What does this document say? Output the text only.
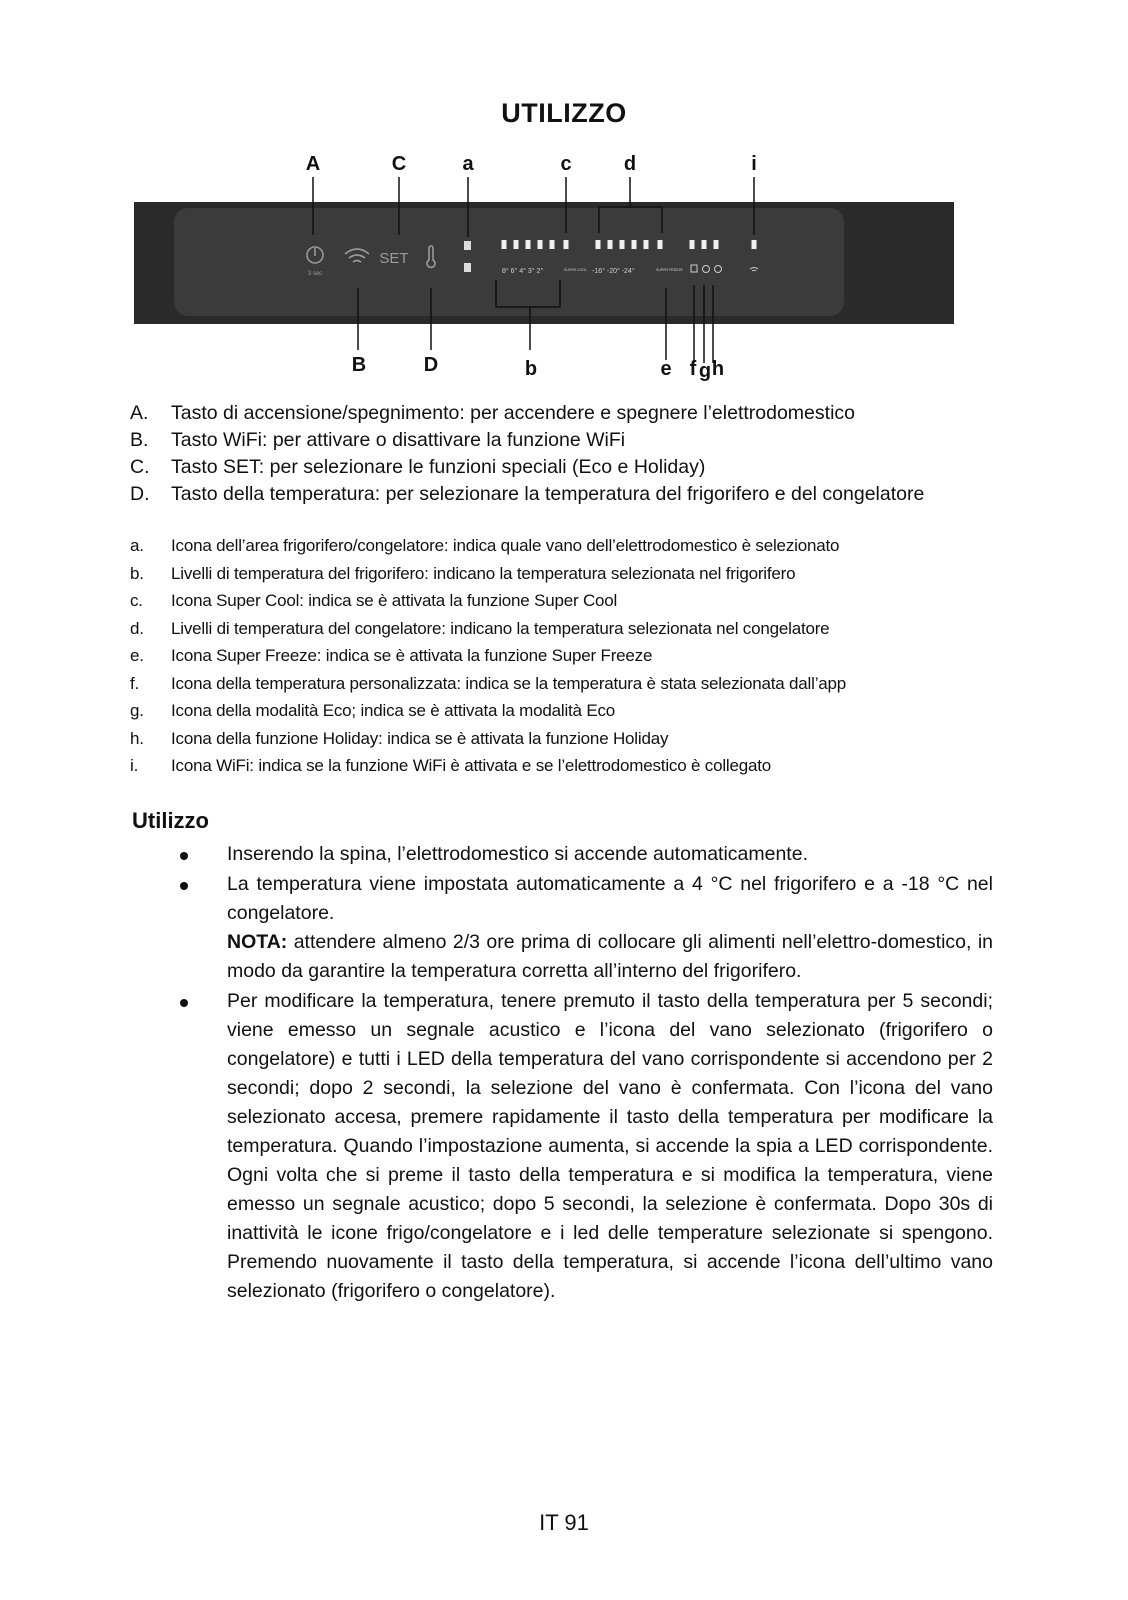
UTILIZZO
A	C	a	c	d	i
3 sec
SET
8° 6° 4° 3° 2°	SUPER COOL -16° -20° -24°	SUPER FREEZE
B	D	b	e f g h
A.	Tasto di accensione/spegnimento: per accendere e spegnere l’elettrodomestico
B.	Tasto WiFi: per attivare o disattivare la funzione WiFi
C.	Tasto SET: per selezionare le funzioni speciali (Eco e Holiday)
D.	Tasto della temperatura: per selezionare la temperatura del frigorifero e del congelatore
a.	Icona dell’area frigorifero/congelatore: indica quale vano dell’elettrodomestico è selezionato
b.	Livelli di temperatura del frigorifero: indicano la temperatura selezionata nel frigorifero
c.	Icona Super Cool: indica se è attivata la funzione Super Cool
d.	Livelli di temperatura del congelatore: indicano la temperatura selezionata nel congelatore
e.	Icona Super Freeze: indica se è attivata la funzione Super Freeze
f.	Icona della temperatura personalizzata: indica se la temperatura è stata selezionata dall’app
g.	Icona della modalità Eco; indica se è attivata la modalità Eco
h.	Icona della funzione Holiday: indica se è attivata la funzione Holiday
i.	Icona WiFi: indica se la funzione WiFi è attivata e se l’elettrodomestico è collegato
Utilizzo
Inserendo la spina, l’elettrodomestico si accende automaticamente.
La temperatura viene impostata automaticamente a 4 °C nel frigorifero e a -18 °C nel congelatore.
NOTA: attendere almeno 2/3 ore prima di collocare gli alimenti nell’elettro-domestico, in modo da garantire la temperatura corretta all’interno del frigorifero.
Per modificare la temperatura, tenere premuto il tasto della temperatura per 5 secondi; viene emesso un segnale acustico e l’icona del vano selezionato (frigorifero o congelatore) e tutti i LED della temperatura del vano corrispondente si accendono per 2 secondi; dopo 2 secondi, la selezione del vano è confermata. Con l’icona del vano selezionato accesa, premere rapidamente il tasto della temperatura per modificare la temperatura. Quando l’impostazione aumenta, si accende la spia a LED corrispondente. Ogni volta che si preme il tasto della temperatura e si modifica la temperatura, viene emesso un segnale acustico; dopo 5 secondi, la selezione è confermata. Dopo 30s di inattività le icone frigo/congelatore e i led delle temperature selezionate si spengono. Premendo nuovamente il tasto della temperatura, si accende l’icona dell’ultimo vano selezionato (frigorifero o congelatore).
IT 91
